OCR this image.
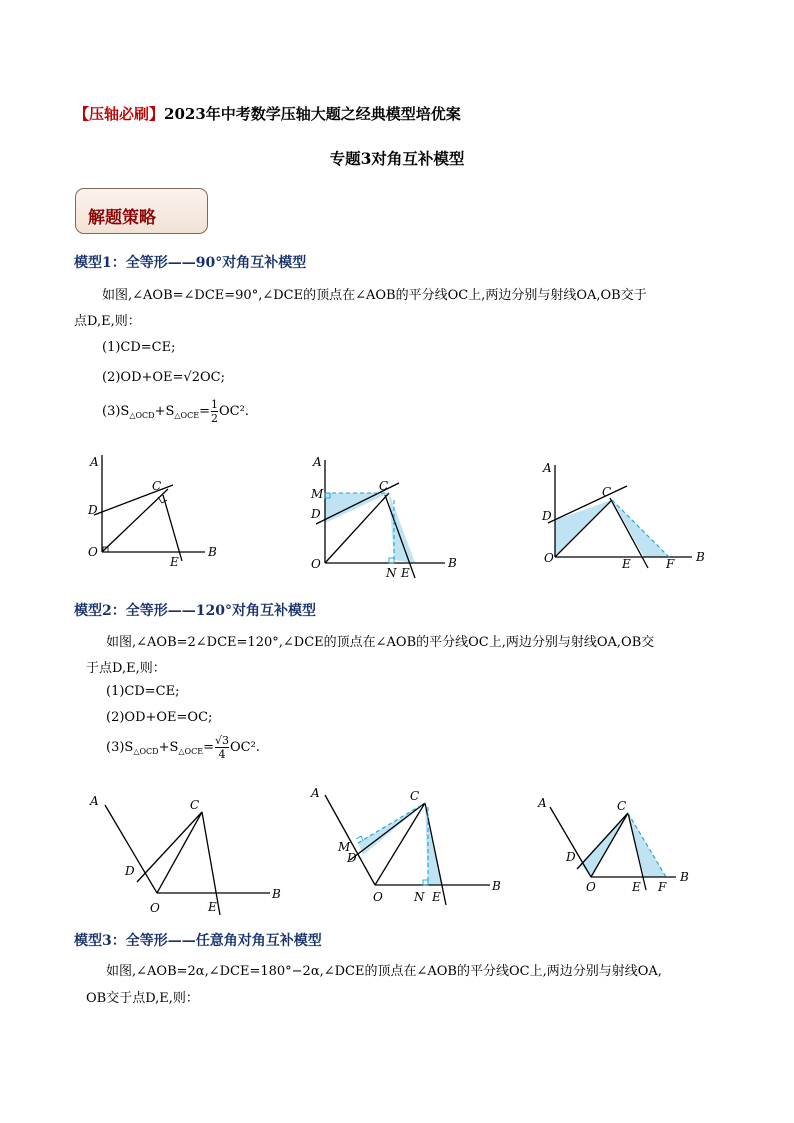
【压轴必刷】2023年中考数学压轴大题之经典模型培优案
专题3对角互补模型
解题策略
模型1：全等形——90°对角互补模型
如图,∠AOB=∠DCE=90°,∠DCE的顶点在∠AOB的平分线OC上,两边分别与射线OA,OB交于
点D,E,则：
(1)CD=CE;
(2)OD+OE=√2OC;
$(3)S_{\triangle OCD}+S_{\triangle OCE}= \frac{1}{2} OC^2$.
A
B
C
D
E
O
A
B
C
D
E
O
M
N
A
B
C
D
E
O	F
模型2：全等形——120°对角互补模型
如图,∠AOB=2∠DCE=120°,∠DCE的顶点在∠AOB的平分线OC上,两边分别与射线OA,OB交
于点D,E,则：
(1)CD=CE;
(2)OD+OE=OC;
$(3)S_{\triangle OCD}+S_{\triangle OCE}= \frac{√3}{4} OC^2$.
A
B
C
D
E
O
A
B
C
D
E
O
M
N
A
B
C
D
E
O	F
模型3：全等形——任意角对角互补模型
如图,∠AOB=2α,∠DCE=180°−2α,∠DCE的顶点在∠AOB的平分线OC上,两边分别与射线OA,
OB交于点D,E,则：
